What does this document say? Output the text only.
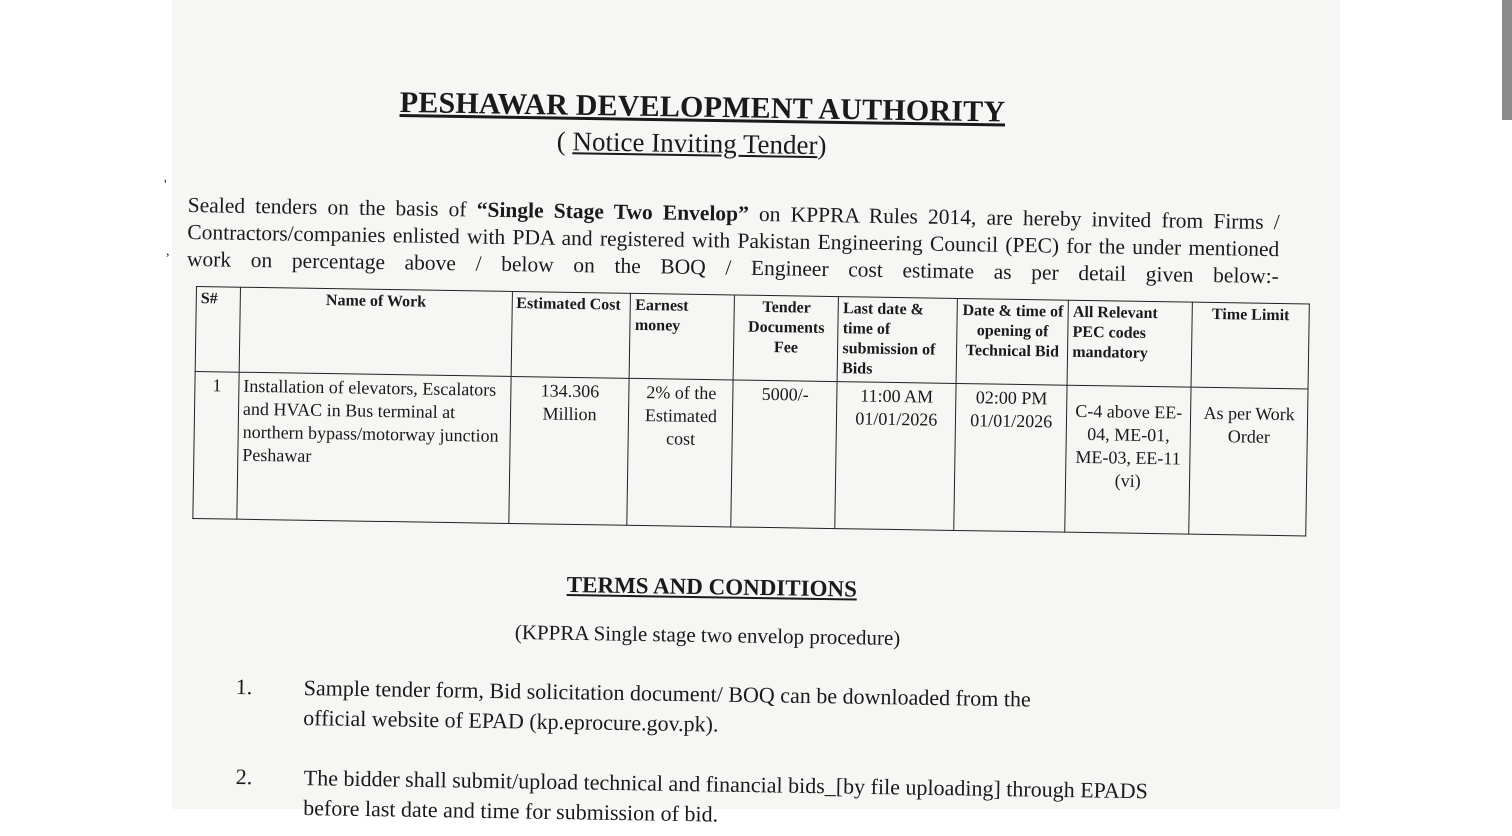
'
,
PESHAWAR DEVELOPMENT AUTHORITY
( Notice Inviting Tender)
Sealed tenders on the basis of “Single Stage Two Envelop” on KPPRA Rules 2014, are hereby invited from Firms / Contractors/companies enlisted with PDA and registered with Pakistan Engineering Council (PEC) for the under mentioned work on percentage above / below on the BOQ / Engineer cost estimate as per detail given below:-
S#	Name of Work	Estimated Cost	Earnest money	Tender Documents Fee	Last date & time of submission of Bids	Date & time of opening of Technical Bid	All Relevant PEC codes mandatory	Time Limit
1	Installation of elevators, Escalators and HVAC in Bus terminal at northern bypass/motorway junction Peshawar	134.306 Million	2% of the Estimated cost	5000/-	11:00 AM 01/01/2026	02:00 PM 01/01/2026	C-4 above EE-04, ME-01, ME-03, EE-11 (vi)	As per Work Order
TERMS AND CONDITIONS
(KPPRA Single stage two envelop procedure)
1. Sample tender form, Bid solicitation document/ BOQ can be downloaded from the
official website of EPAD (kp.eprocure.gov.pk).
2. The bidder shall submit/upload technical and financial bids_[by file uploading] through EPADS
before last date and time for submission of bid.
